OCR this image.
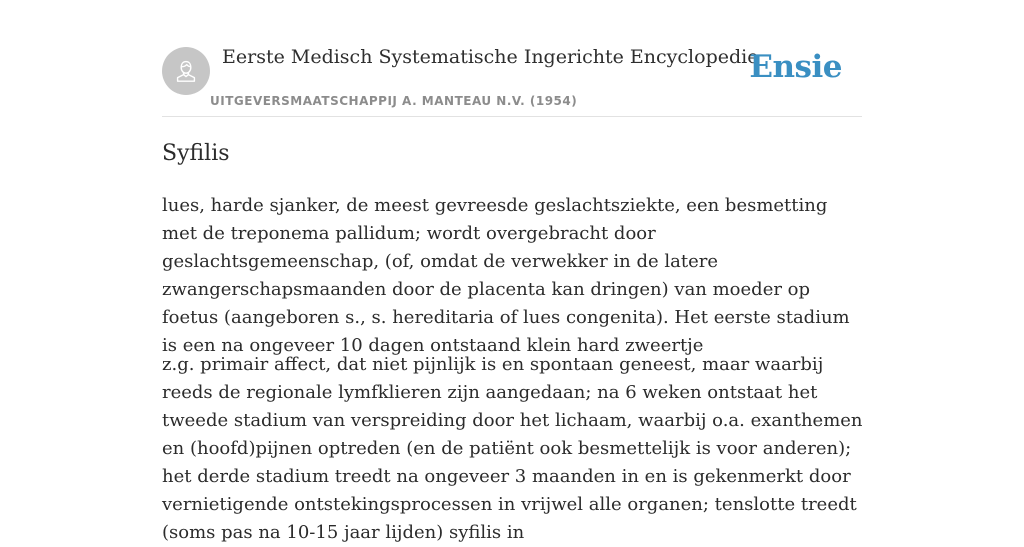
Eerste Medisch Systematische Ingerichte Encyclopedie
UITGEVERSMAATSCHAPPIJ A. MANTEAU N.V. (1954)
Ensie
Syfilis

lues, harde sjanker, de meest gevreesde geslachtsziekte, een besmetting met de treponema pallidum; wordt overgebracht door geslachtsgemeenschap, (of, omdat de verwekker in de latere zwangerschapsmaanden door de placenta kan dringen) van moeder op foetus (aangeboren s., s. hereditaria of lues congenita). Het eerste stadium is een na ongeveer 10 dagen ontstaand klein hard zweertje

z.g. primair affect, dat niet pijnlijk is en spontaan geneest, maar waarbij reeds de regionale lymfklieren zijn aangedaan; na 6 weken ontstaat het tweede stadium van verspreiding door het lichaam, waarbij o.a. exanthemen en (hoofd)pijnen optreden (en de patiënt ook besmettelijk is voor anderen); het derde stadium treedt na ongeveer 3 maanden in en is gekenmerkt door vernietigende ontstekingsprocessen in vrijwel alle organen; tenslotte treedt (soms pas na 10-15 jaar lijden) syfilis in
